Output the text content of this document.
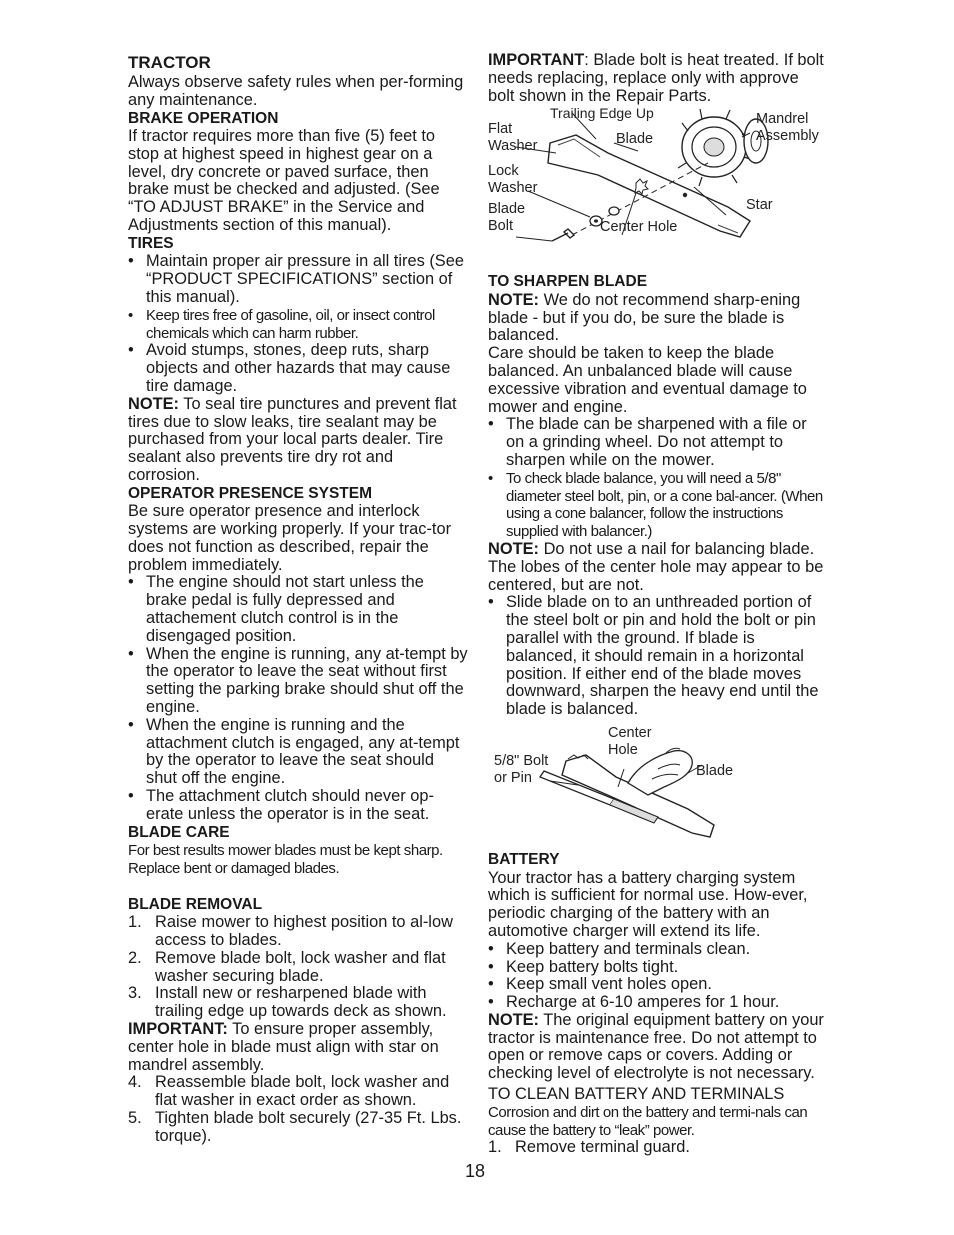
TRACTOR

Always observe safety rules when per-forming any maintenance.

BRAKE OPERATION

If tractor requires more than five (5) feet to stop at highest speed in highest gear on a level, dry concrete or paved surface, then brake must be checked and adjusted. (See “TO ADJUST BRAKE” in the Service and Adjustments section of this manual).

TIRES

• Maintain proper air pressure in all tires (See “PRODUCT SPECIFICATIONS” section of this manual).
• Keep tires free of gasoline, oil, or insect control chemicals which can harm rubber.
• Avoid stumps, stones, deep ruts, sharp objects and other hazards that may cause tire damage.

NOTE: To seal tire punctures and prevent flat tires due to slow leaks, tire sealant may be purchased from your local parts dealer. Tire sealant also prevents tire dry rot and corrosion.

OPERATOR PRESENCE SYSTEM

Be sure operator presence and interlock systems are working properly. If your trac-tor does not function as described, repair the problem immediately.

• The engine should not start unless the brake pedal is fully depressed and attachement clutch control is in the disengaged position.
• When the engine is running, any at-tempt by the operator to leave the seat without first setting the parking brake should shut off the engine.
• When the engine is running and the attachment clutch is engaged, any at-tempt by the operator to leave the seat should shut off the engine.
• The attachment clutch should never op-erate unless the operator is in the seat.

BLADE CARE

For best results mower blades must be kept sharp. Replace bent or damaged blades.

BLADE REMOVAL

1. Raise mower to highest position to al-low access to blades.
2. Remove blade bolt, lock washer and flat washer securing blade.
3. Install new or resharpened blade with trailing edge up towards deck as shown.

IMPORTANT: To ensure proper assembly, center hole in blade must align with star on mandrel assembly.

4. Reassemble blade bolt, lock washer and flat washer in exact order as shown.
5. Tighten blade bolt securely (27-35 Ft. Lbs. torque).

IMPORTANT: Blade bolt is heat treated. If bolt needs replacing, replace only with approve bolt shown in the Repair Parts.

Trailing Edge Up
Flat Washer	Blade
Lock Washer
Blade Bolt	Center Hole
Mandrel Assembly
Star

TO SHARPEN BLADE

NOTE: We do not recommend sharp-ening blade - but if you do, be sure the blade is balanced.

Care should be taken to keep the blade balanced. An unbalanced blade will cause excessive vibration and eventual damage to mower and engine.

• The blade can be sharpened with a file or on a grinding wheel. Do not attempt to sharpen while on the mower.
• To check blade balance, you will need a 5/8" diameter steel bolt, pin, or a cone bal-ancer. (When using a cone balancer, follow the instructions supplied with balancer.)

NOTE: Do not use a nail for balancing blade. The lobes of the center hole may appear to be centered, but are not.

• Slide blade on to an unthreaded portion of the steel bolt or pin and hold the bolt or pin parallel with the ground. If blade is balanced, it should remain in a horizontal position. If either end of the blade moves downward, sharpen the heavy end until the blade is balanced.
Center Hole
5/8" Bolt or Pin	Blade

BATTERY

Your tractor has a battery charging system which is sufficient for normal use. How-ever, periodic charging of the battery with an automotive charger will extend its life.

• Keep battery and terminals clean.
• Keep battery bolts tight.
• Keep small vent holes open.
• Recharge at 6-10 amperes for 1 hour.

NOTE: The original equipment battery on your tractor is maintenance free. Do not attempt to open or remove caps or covers. Adding or checking level of electrolyte is not necessary.

TO CLEAN BATTERY AND TERMINALS

Corrosion and dirt on the battery and termi-nals can cause the battery to “leak” power.

1. Remove terminal guard.
18
